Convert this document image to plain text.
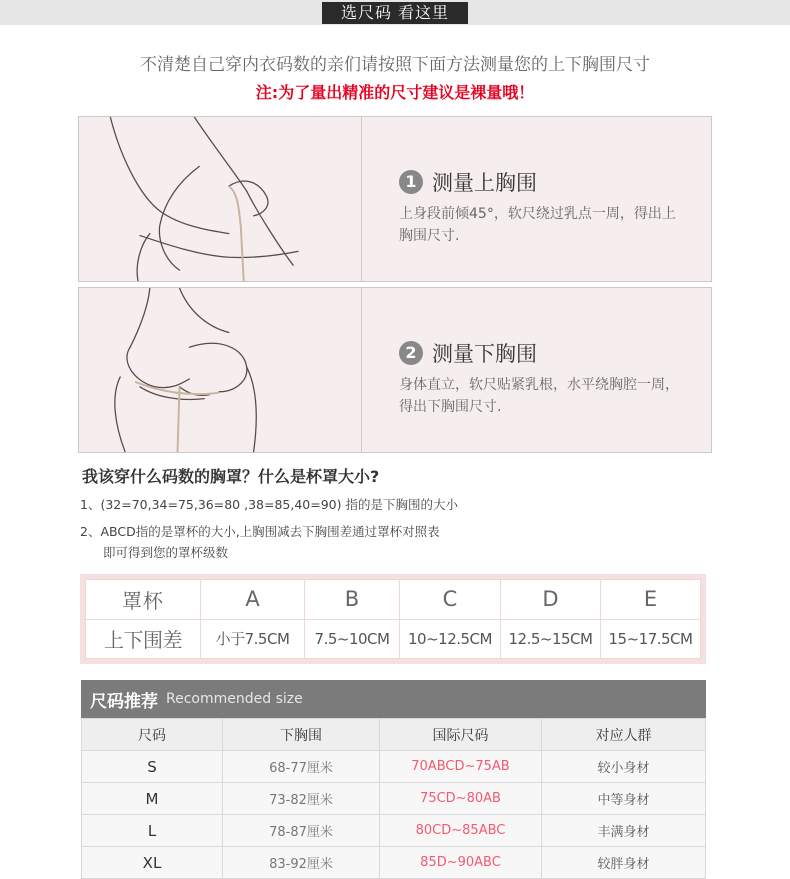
选尺码 看这里
不清楚自己穿内衣码数的亲们请按照下面方法测量您的上下胸围尺寸
注:为了量出精准的尺寸建议是裸量哦！
1 测量上胸围
上身段前倾45°，软尺绕过乳点一周，得出上胸围尺寸.
2 测量下胸围
身体直立，软尺贴紧乳根，水平绕胸腔一周，得出下胸围尺寸.
我该穿什么码数的胸罩？什么是杯罩大小?
1、(32=70,34=75,36=80 ,38=85,40=90) 指的是下胸围的大小
2、ABCD指的是罩杯的大小,上胸围减去下胸围差通过罩杯对照表
即可得到您的罩杯级数
罩杯	A	B	C	D	E
上下围差	小于7.5CM	7.5~10CM	10~12.5CM	12.5~15CM	15~17.5CM
尺码推荐 Recommended size
尺码	下胸围	国际尺码	对应人群
S	68-77厘米	70ABCD~75AB	较小身材
M	73-82厘米	75CD~80AB	中等身材
L	78-87厘米	80CD~85ABC	丰满身材
XL	83-92厘米	85D~90ABC	较胖身材
